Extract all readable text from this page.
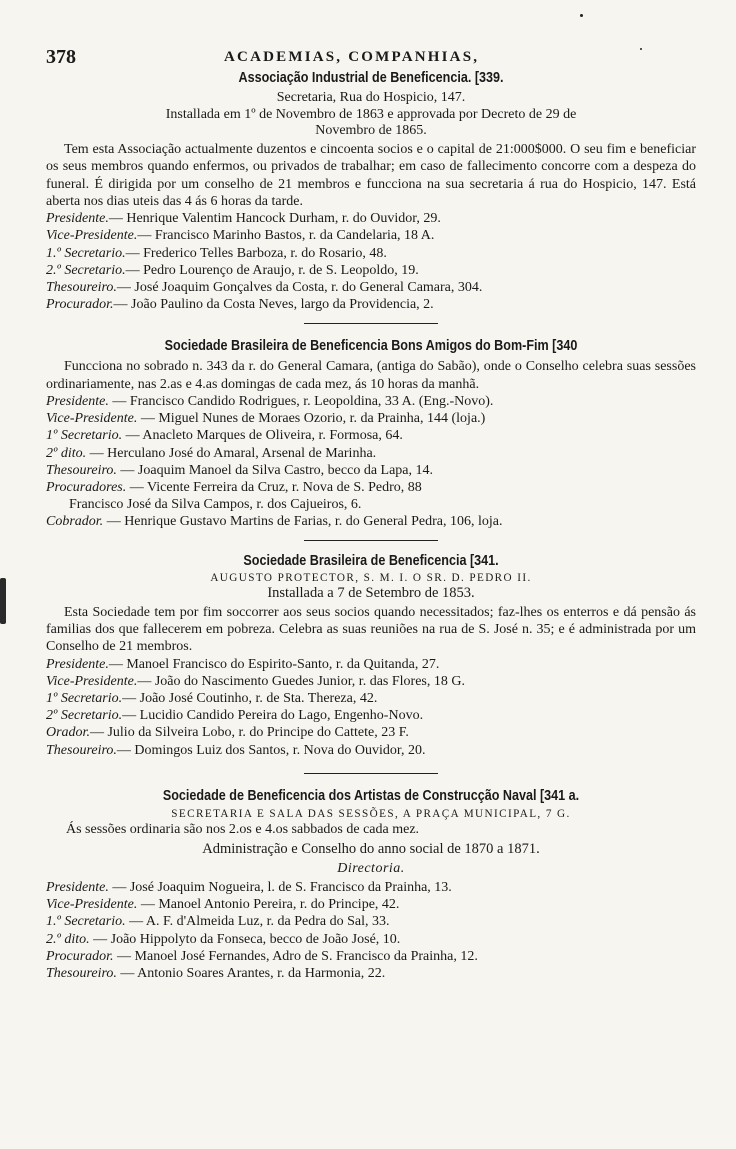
378	ACADEMIAS, COMPANHIAS,
Associação Industrial de Beneficencia. [339.
Secretaria, Rua do Hospicio, 147.
Installada em 1º de Novembro de 1863 e approvada por Decreto de 29 de
Novembro de 1865.

Tem esta Associação actualmente duzentos e cincoenta socios e o capital de 21:000$000. O seu fim e beneficiar os seus membros quando enfermos, ou privados de trabalhar; em caso de fallecimento concorre com a despeza do funeral. É dirigida por um conselho de 21 membros e funcciona na sua secretaria á rua do Hospicio, 147. Está aberta nos dias uteis das 4 ás 6 horas da tarde.

Presidente.— Henrique Valentim Hancock Durham, r. do Ouvidor, 29.
Vice-Presidente.— Francisco Marinho Bastos, r. da Candelaria, 18 A.
1.º Secretario.— Frederico Telles Barboza, r. do Rosario, 48.
2.º Secretario.— Pedro Lourenço de Araujo, r. de S. Leopoldo, 19.
Thesoureiro.— José Joaquim Gonçalves da Costa, r. do General Camara, 304.
Procurador.— João Paulino da Costa Neves, largo da Providencia, 2.
Sociedade Brasileira de Beneficencia Bons Amigos do Bom-Fim [340

Funcciona no sobrado n. 343 da r. do General Camara, (antiga do Sabão), onde o Conselho celebra suas sessões ordinariamente, nas 2.as e 4.as domingas de cada mez, ás 10 horas da manhã.

Presidente. — Francisco Candido Rodrigues, r. Leopoldina, 33 A. (Eng.-Novo).
Vice-Presidente. — Miguel Nunes de Moraes Ozorio, r. da Prainha, 144 (loja.)
1º Secretario. — Anacleto Marques de Oliveira, r. Formosa, 64.
2º dito. — Herculano José do Amaral, Arsenal de Marinha.
Thesoureiro. — Joaquim Manoel da Silva Castro, becco da Lapa, 14.
Procuradores. — Vicente Ferreira da Cruz, r. Nova de S. Pedro, 88
Francisco José da Silva Campos, r. dos Cajueiros, 6.
Cobrador. — Henrique Gustavo Martins de Farias, r. do General Pedra, 106, loja.
Sociedade Brasileira de Beneficencia [341.
AUGUSTO PROTECTOR, S. M. I. O SR. D. PEDRO II.
Installada a 7 de Setembro de 1853.

Esta Sociedade tem por fim soccorrer aos seus socios quando necessitados; faz-lhes os enterros e dá pensão ás familias dos que fallecerem em pobreza. Celebra as suas reuniões na rua de S. José n. 35; e é administrada por um Conselho de 21 membros.

Presidente.— Manoel Francisco do Espirito-Santo, r. da Quitanda, 27.
Vice-Presidente.— João do Nascimento Guedes Junior, r. das Flores, 18 G.
1º Secretario.— João José Coutinho, r. de Sta. Thereza, 42.
2º Secretario.— Lucidio Candido Pereira do Lago, Engenho-Novo.
Orador.— Julio da Silveira Lobo, r. do Principe do Cattete, 23 F.
Thesoureiro.— Domingos Luiz dos Santos, r. Nova do Ouvidor, 20.
Sociedade de Beneficencia dos Artistas de Construcção Naval [341 a.
SECRETARIA E SALA DAS SESSÕES, A PRAÇA MUNICIPAL, 7 G.
Ás sessões ordinaria são nos 2.os e 4.os sabbados de cada mez.
Administração e Conselho do anno social de 1870 a 1871.
Directoria.
Presidente. — José Joaquim Nogueira, l. de S. Francisco da Prainha, 13.
Vice-Presidente. — Manoel Antonio Pereira, r. do Principe, 42.
1.º Secretario. — A. F. d'Almeida Luz, r. da Pedra do Sal, 33.
2.º dito. — João Hippolyto da Fonseca, becco de João José, 10.
Procurador. — Manoel José Fernandes, Adro de S. Francisco da Prainha, 12.
Thesoureiro. — Antonio Soares Arantes, r. da Harmonia, 22.
